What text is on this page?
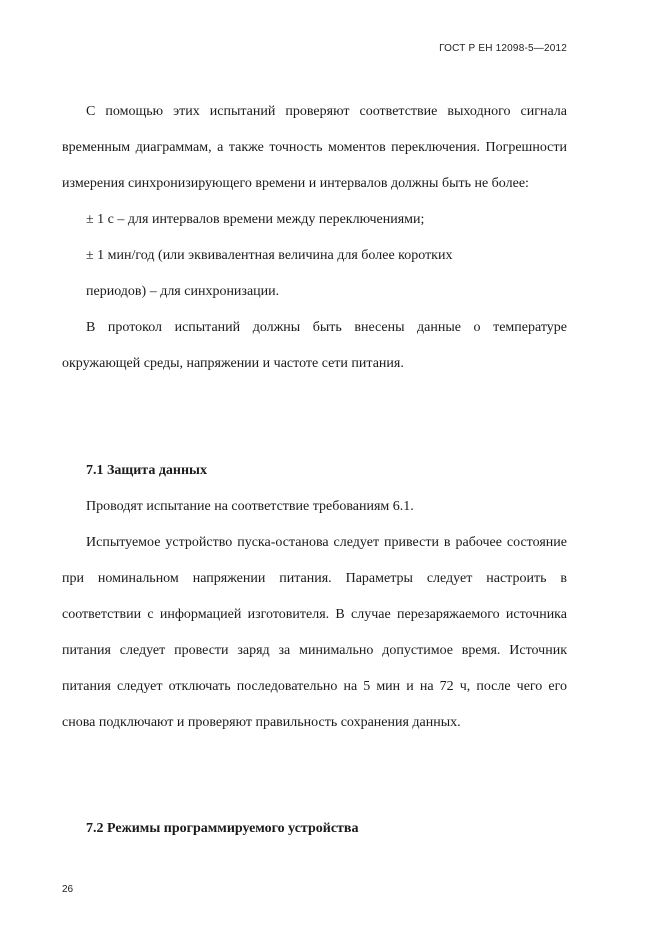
ГОСТ Р ЕН 12098-5—2012

С помощью этих испытаний проверяют соответствие выходного сигнала временным диаграммам, а также точность моментов переключения. Погрешности измерения синхронизирующего времени и интервалов должны быть не более:

± 1 с – для интервалов времени между переключениями;

± 1 мин/год (или эквивалентная величина для более коротких

периодов) – для синхронизации.

В протокол испытаний должны быть внесены данные о температуре окружающей среды, напряжении и частоте сети питания.

7.1 Защита данных

Проводят испытание на соответствие требованиям 6.1.

Испытуемое устройство пуска-останова следует привести в рабочее состояние при номинальном напряжении питания. Параметры следует настроить в соответствии с информацией изготовителя. В случае перезаряжаемого источника питания следует провести заряд за минимально допустимое время. Источник питания следует отключать последовательно на 5 мин и на 72 ч, после чего его снова подключают и проверяют правильность сохранения данных.

7.2 Режимы программируемого устройства

26
